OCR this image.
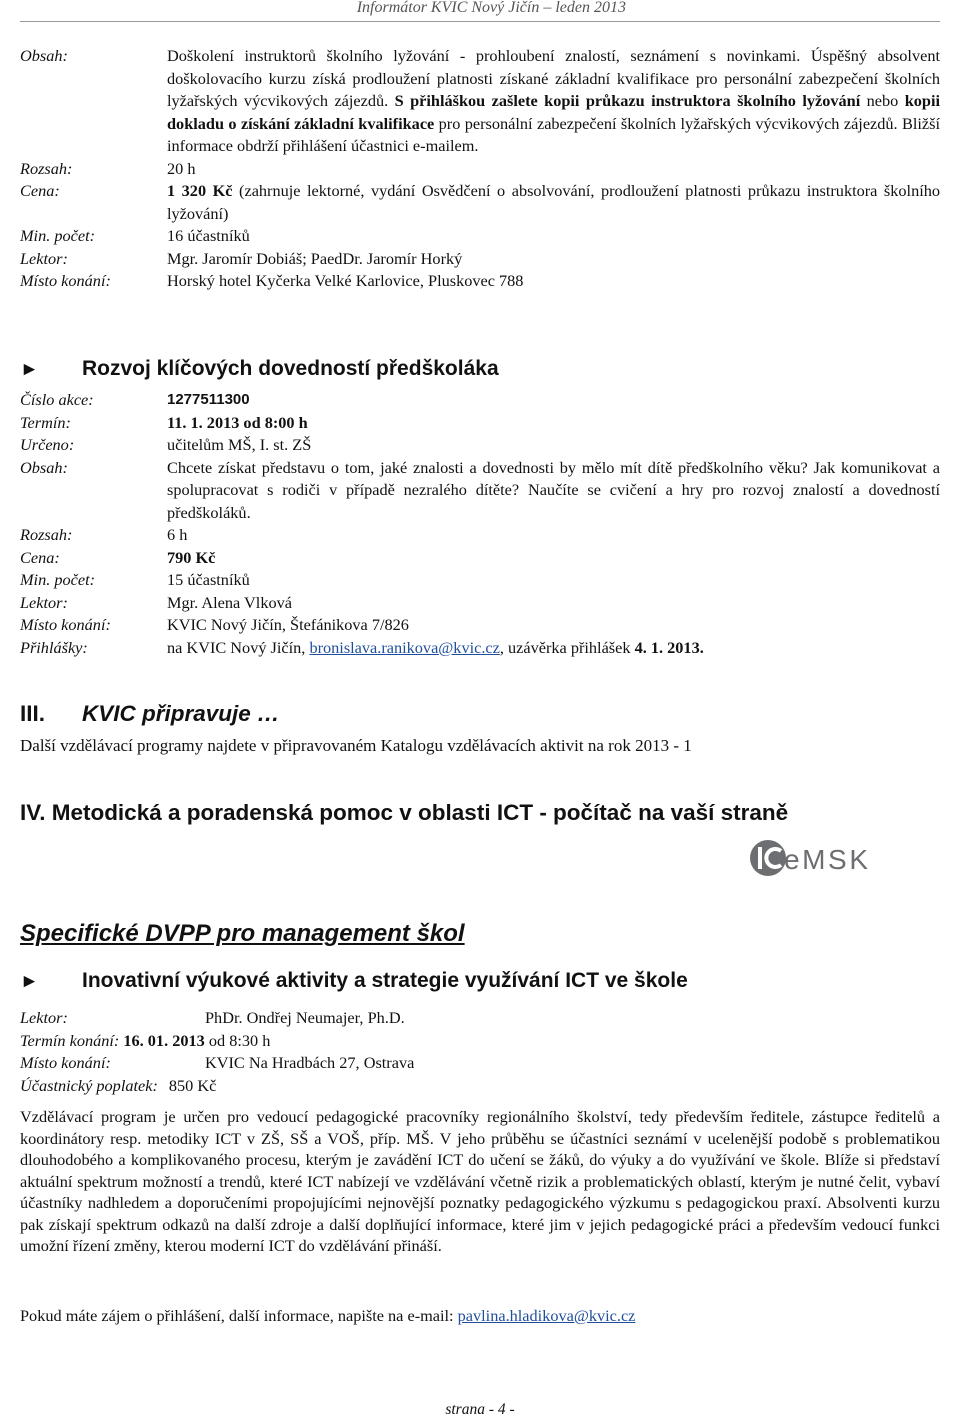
Informátor KVIC Nový Jičín – leden 2013
Obsah:	Doškolení instruktorů školního lyžování - prohloubení znalostí, seznámení s novinkami. Úspěšný absolvent doškolovacího kurzu získá prodloužení platnosti získané základní kvalifikace pro personální zabezpečení školních lyžařských výcvikových zájezdů. S přihláškou zašlete kopii průkazu instruktora školního lyžování nebo kopii dokladu o získání základní kvalifikace pro personální zabezpečení školních lyžařských výcvikových zájezdů. Bližší informace obdrží přihlášení účastnici e-mailem.
Rozsah:	20 h
Cena:	1 320 Kč (zahrnuje lektorné, vydání Osvědčení o absolvování, prodloužení platnosti průkazu instruktora školního lyžování)
Min. počet:	16 účastníků
Lektor:	Mgr. Jaromír Dobiáš; PaedDr. Jaromír Horký
Místo konání:	Horský hotel Kyčerka Velké Karlovice, Pluskovec 788
► Rozvoj klíčových dovedností předškoláka
Číslo akce:	1277511300
Termín:	11. 1. 2013 od 8:00 h
Určeno:	učitelům MŠ, I. st. ZŠ
Obsah:	Chcete získat představu o tom, jaké znalosti a dovednosti by mělo mít dítě předškolního věku? Jak komunikovat a spolupracovat s rodiči v případě nezralého dítěte? Naučíte se cvičení a hry pro rozvoj znalostí a dovedností předškoláků.
Rozsah:	6 h
Cena:	790 Kč
Min. počet:	15 účastníků
Lektor:	Mgr. Alena Vlková
Místo konání:	KVIC Nový Jičín, Štefánikova 7/826
Přihlášky:	na KVIC Nový Jičín, bronislava.ranikova@kvic.cz, uzávěrka přihlášek 4. 1. 2013.
III. KVIC připravuje …
Další vzdělávací programy najdete v připravovaném Katalogu vzdělávacích aktivit na rok 2013 - 1
IV. Metodická a poradenská pomoc v oblasti ICT - počítač na vaší straně
eMSK
Specifické DVPP pro management škol
► Inovativní výukové aktivity a strategie využívání ICT ve škole
Lektor:	PhDr. Ondřej Neumajer, Ph.D.
Termín konání: 16. 01. 2013 od 8:30 h
Místo konání:	KVIC Na Hradbách 27, Ostrava
Účastnický poplatek: 850 Kč
Vzdělávací program je určen pro vedoucí pedagogické pracovníky regionálního školství, tedy především ředitele, zástupce ředitelů a koordinátory resp. metodiky ICT v ZŠ, SŠ a VOŠ, příp. MŠ. V jeho průběhu se účastníci seznámí v ucelenější podobě s problematikou dlouhodobého a komplikovaného procesu, kterým je zavádění ICT do učení se žáků, do výuky a do využívání ve škole. Blíže si představí aktuální spektrum možností a trendů, které ICT nabízejí ve vzdělávání včetně rizik a problematických oblastí, kterým je nutné čelit, vybaví účastníky nadhledem a doporučeními propojujícími nejnovější poznatky pedagogického výzkumu s pedagogickou praxí. Absolventi kurzu pak získají spektrum odkazů na další zdroje a další doplňující informace, které jim v jejich pedagogické práci a především vedoucí funkci umožní řízení změny, kterou moderní ICT do vzdělávání přináší.
Pokud máte zájem o přihlášení, další informace, napište na e-mail: pavlina.hladikova@kvic.cz
strana - 4 -
